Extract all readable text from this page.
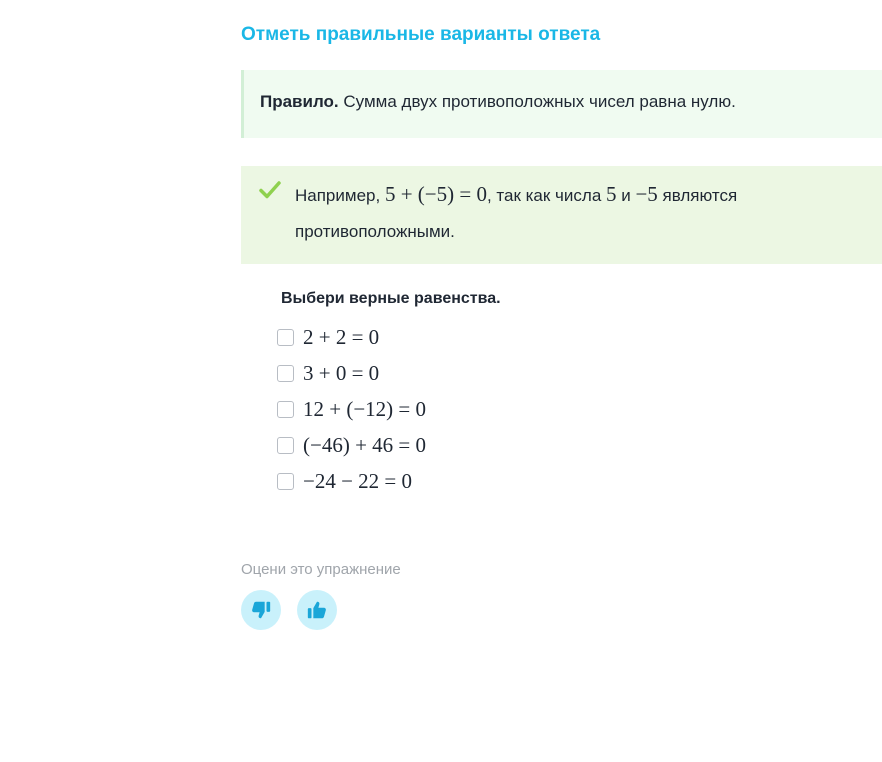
Отметь правильные варианты ответа
Правило. Сумма двух противоположных чисел равна нулю.
Например, 5 + (−5) = 0, так как числа 5 и −5 являются
противоположными.
Выбери верные равенства.
2 + 2 = 0
3 + 0 = 0
12 + (−12) = 0
(−46) + 46 = 0
−24 − 22 = 0
Оцени это упражнение
